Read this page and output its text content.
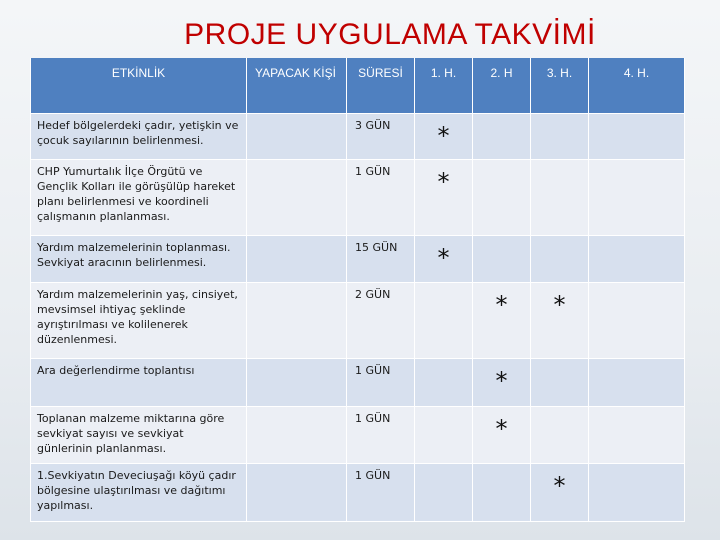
PROJE UYGULAMA TAKVİMİ
ETKİNLİK	YAPACAK KİŞİ	SÜRESİ	1. H.	2. H	3. H.	4. H.
Hedef bölgelerdeki çadır, yetişkin ve çocuk sayılarının belirlenmesi.		3 GÜN	*			
CHP Yumurtalık İlçe Örgütü ve Gençlik Kolları ile görüşülüp hareket planı belirlenmesi ve koordineli çalışmanın planlanması.		1 GÜN	*			
Yardım malzemelerinin toplanması. Sevkiyat aracının belirlenmesi.		15 GÜN	*			
Yardım malzemelerinin yaş, cinsiyet, mevsimsel ihtiyaç şeklinde ayrıştırılması ve kolilenerek düzenlenmesi.		2 GÜN		*	*	
Ara değerlendirme toplantısı		1 GÜN		*		
Toplanan malzeme miktarına göre sevkiyat sayısı ve sevkiyat günlerinin planlanması.		1 GÜN		*		
1.Sevkiyatın Deveciuşağı köyü çadır bölgesine ulaştırılması ve dağıtımı yapılması.		1 GÜN			*	
